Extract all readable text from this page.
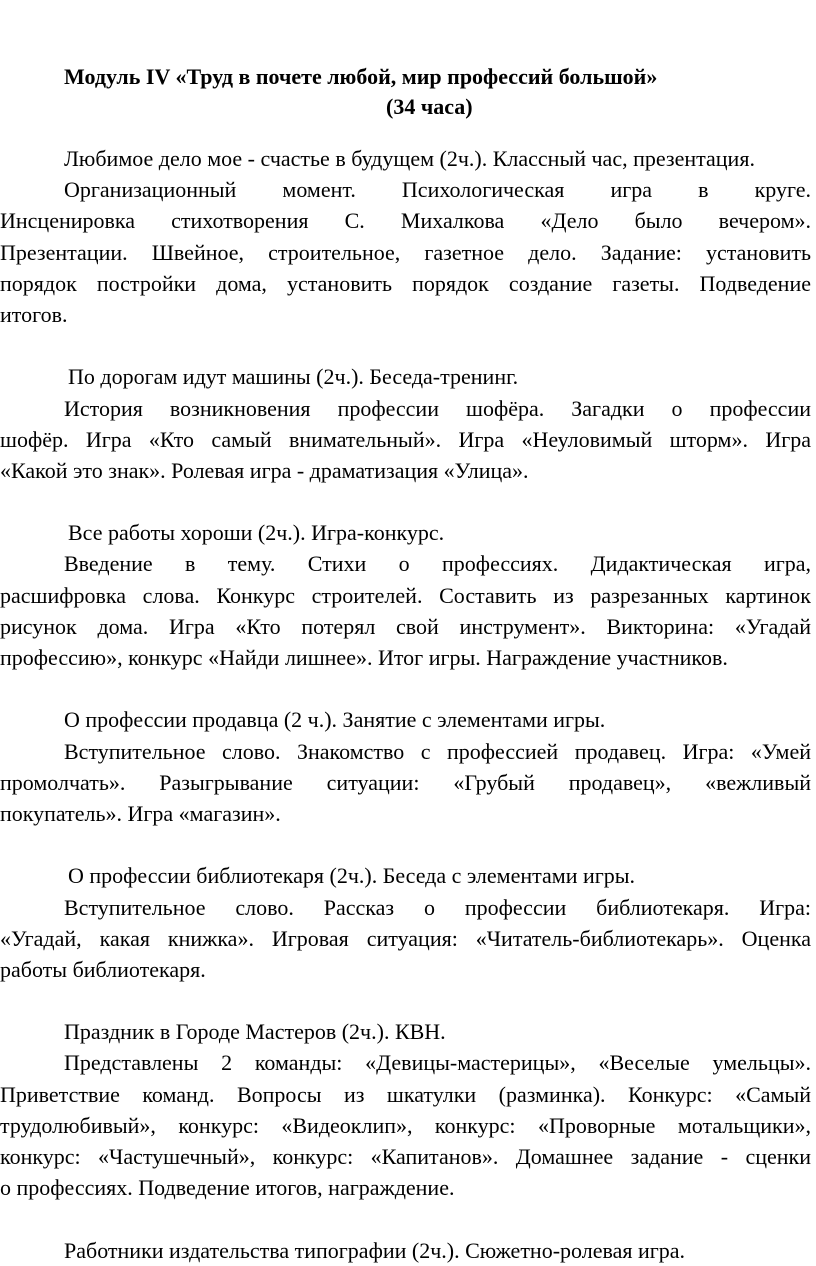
Модуль IV «Труд в почете любой, мир профессий большой»
(34 часа)
Любимое дело мое - счастье в будущем (2ч.). Классный час, презентация.
Организационный момент. Психологическая игра в круге.
Инсценировка стихотворения С. Михалкова «Дело было вечером».
Презентации. Швейное, строительное, газетное дело. Задание: установить
порядок постройки дома, установить порядок создание газеты. Подведение
итогов.
По дорогам идут машины (2ч.). Беседа-тренинг.
История возникновения профессии шофёра. Загадки о профессии
шофёр. Игра «Кто самый внимательный». Игра «Неуловимый шторм». Игра
«Какой это знак». Ролевая игра - драматизация «Улица».
Все работы хороши (2ч.). Игра-конкурс.
Введение в тему. Стихи о профессиях. Дидактическая игра,
расшифровка слова. Конкурс строителей. Составить из разрезанных картинок
рисунок дома. Игра «Кто потерял свой инструмент». Викторина: «Угадай
профессию», конкурс «Найди лишнее». Итог игры. Награждение участников.
О профессии продавца (2 ч.). Занятие с элементами игры.
Вступительное слово. Знакомство с профессией продавец. Игра: «Умей
промолчать». Разыгрывание ситуации: «Грубый продавец», «вежливый
покупатель». Игра «магазин».
О профессии библиотекаря (2ч.). Беседа с элементами игры.
Вступительное слово. Рассказ о профессии библиотекаря. Игра:
«Угадай, какая книжка». Игровая ситуация: «Читатель-библиотекарь». Оценка
работы библиотекаря.
Праздник в Городе Мастеров (2ч.). КВН.
Представлены 2 команды: «Девицы-мастерицы», «Веселые умельцы».
Приветствие команд. Вопросы из шкатулки (разминка). Конкурс: «Самый
трудолюбивый», конкурс: «Видеоклип», конкурс: «Проворные мотальщики»,
конкурс: «Частушечный», конкурс: «Капитанов». Домашнее задание - сценки
о профессиях. Подведение итогов, награждение.
Работники издательства типографии (2ч.). Сюжетно-ролевая игра.
